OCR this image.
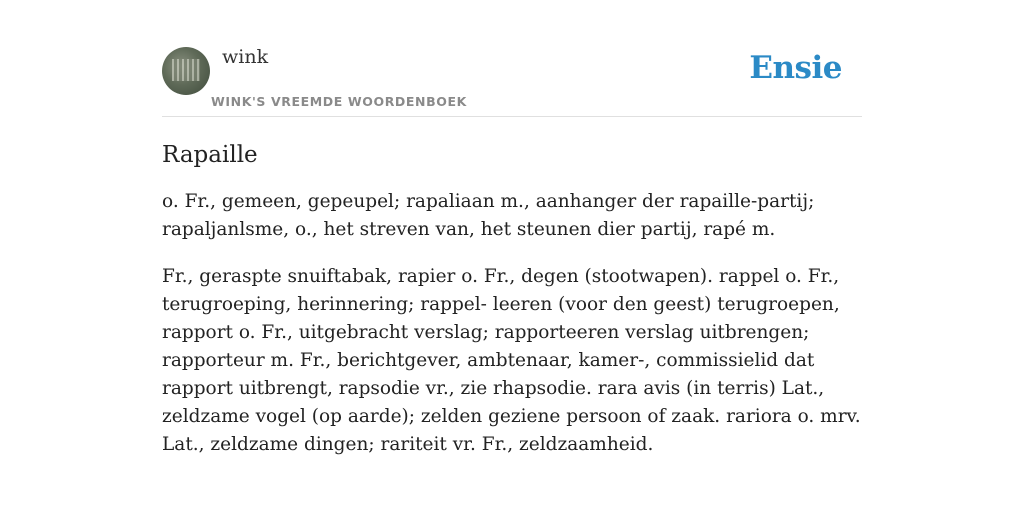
wink
WINK'S VREEMDE WOORDENBOEK
Ensie
Rapaille

o. Fr., gemeen, gepeupel; rapaliaan m., aanhanger der rapaille-partij; rapaljanlsme, o., het streven van, het steunen dier partij, rapé m.

Fr., geraspte snuiftabak, rapier o. Fr., degen (stootwapen). rappel o. Fr., terugroeping, herinnering; rappel- leeren (voor den geest) terugroepen, rapport o. Fr., uitgebracht verslag; rapporteeren verslag uitbrengen; rapporteur m. Fr., berichtgever, ambtenaar, kamer-, commissielid dat rapport uitbrengt, rapsodie vr., zie rhapsodie. rara avis (in terris) Lat., zeldzame vogel (op aarde); zelden geziene persoon of zaak. rariora o. mrv. Lat., zeldzame dingen; rariteit vr. Fr., zeldzaamheid.
